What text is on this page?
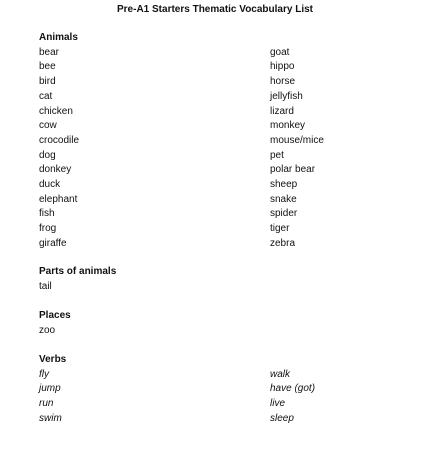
Pre-A1 Starters Thematic Vocabulary List
Animals
bear
bee
bird
cat
chicken
cow
crocodile
dog
donkey
duck
elephant
fish
frog
giraffe
goat
hippo
horse
jellyfish
lizard
monkey
mouse/mice
pet
polar bear
sheep
snake
spider
tiger
zebra
Parts of animals
tail
Places
zoo
Verbs
fly
jump
run
swim
walk
have (got)
live
sleep
